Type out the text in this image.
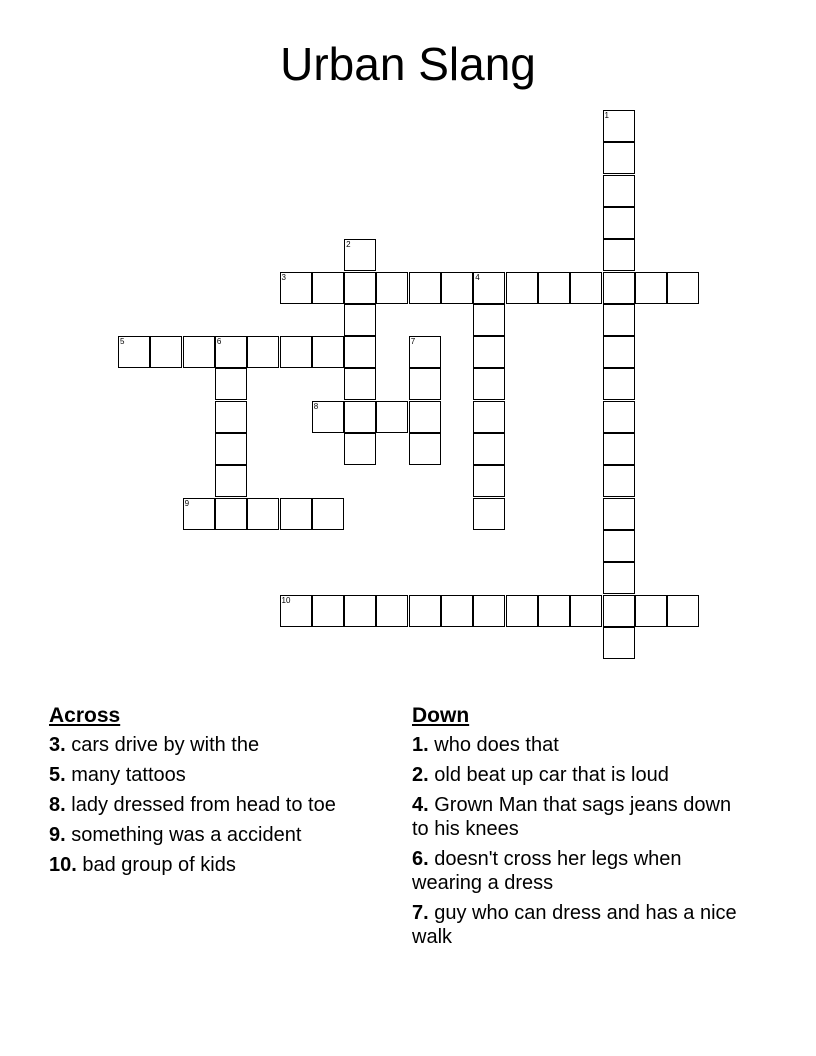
Urban Slang
1
2
3	4
5	6	7
8
9
10
Across
3. cars drive by with the
5. many tattoos
8. lady dressed from head to toe
9. something was a accident
10. bad group of kids
Down
1. who does that
2. old beat up car that is loud
4. Grown Man that sags jeans down to his knees
6. doesn't cross her legs when wearing a dress
7. guy who can dress and has a nice walk
